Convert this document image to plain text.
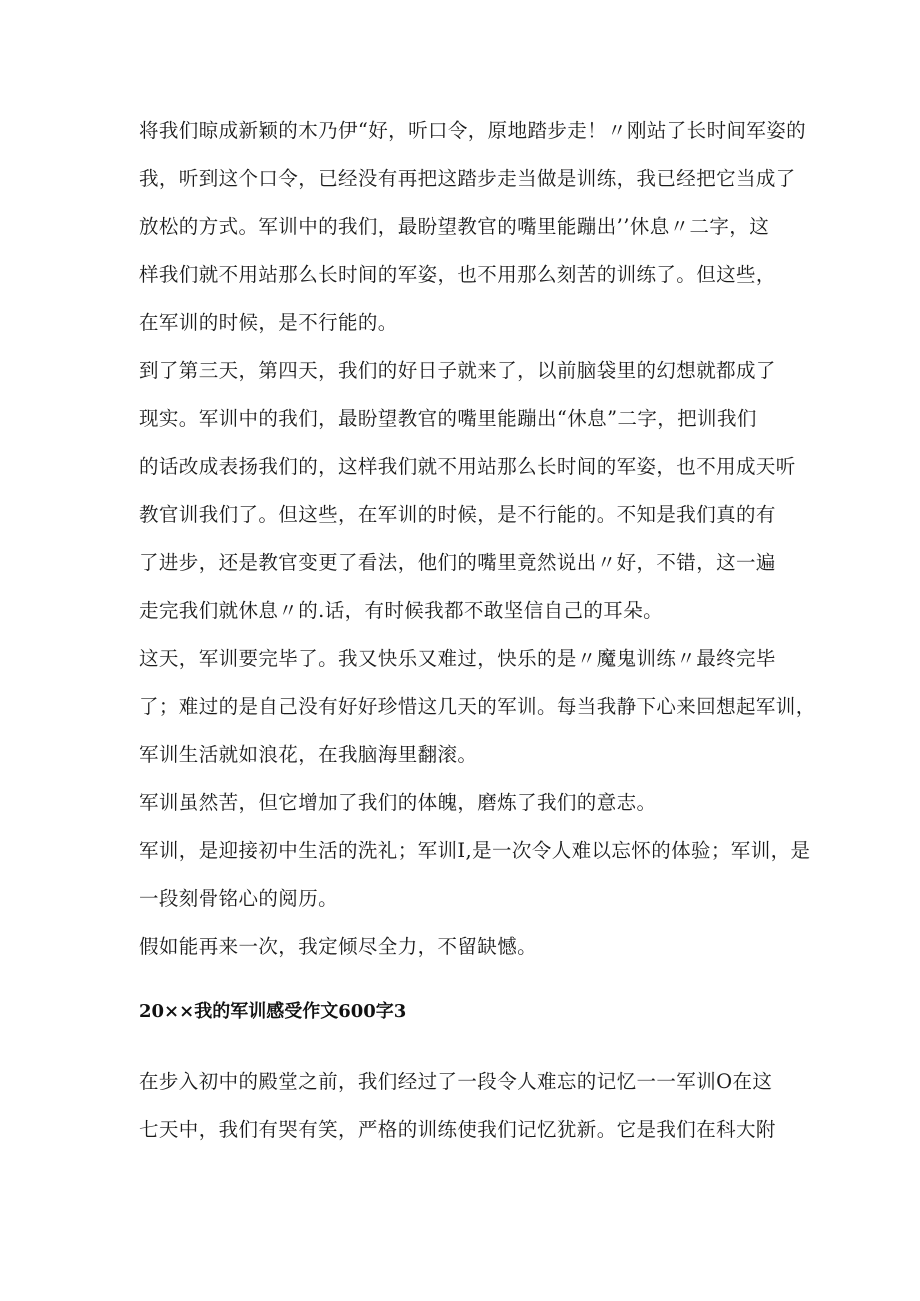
将我们晾成新颖的木乃伊“好，听口令，原地踏步走！〃刚站了长时间军姿的
我，听到这个口令，已经没有再把这踏步走当做是训练，我已经把它当成了
放松的方式。军训中的我们，最盼望教官的嘴里能蹦出’’休息〃二字，这
样我们就不用站那么长时间的军姿，也不用那么刻苦的训练了。但这些，
在军训的时候，是不行能的。
到了第三天，第四天，我们的好日子就来了，以前脑袋里的幻想就都成了
现实。军训中的我们，最盼望教官的嘴里能蹦出“休息”二字，把训我们
的话改成表扬我们的，这样我们就不用站那么长时间的军姿，也不用成天听
教官训我们了。但这些，在军训的时候，是不行能的。不知是我们真的有
了进步，还是教官变更了看法，他们的嘴里竟然说出〃好，不错，这一遍
走完我们就休息〃的.话，有时候我都不敢坚信自己的耳朵。
这天，军训要完毕了。我又快乐又难过，快乐的是〃魔鬼训练〃最终完毕
了；难过的是自己没有好好珍惜这几天的军训。每当我静下心来回想起军训，
军训生活就如浪花，在我脑海里翻滚。
军训虽然苦，但它增加了我们的体魄，磨炼了我们的意志。
军训，是迎接初中生活的洗礼；军训I,是一次令人难以忘怀的体验；军训，是
一段刻骨铭心的阅历。
假如能再来一次，我定倾尽全力，不留缺憾。
20××我的军训感受作文600字3
在步入初中的殿堂之前，我们经过了一段令人难忘的记忆一一军训O在这
七天中，我们有哭有笑，严格的训练使我们记忆犹新。它是我们在科大附
